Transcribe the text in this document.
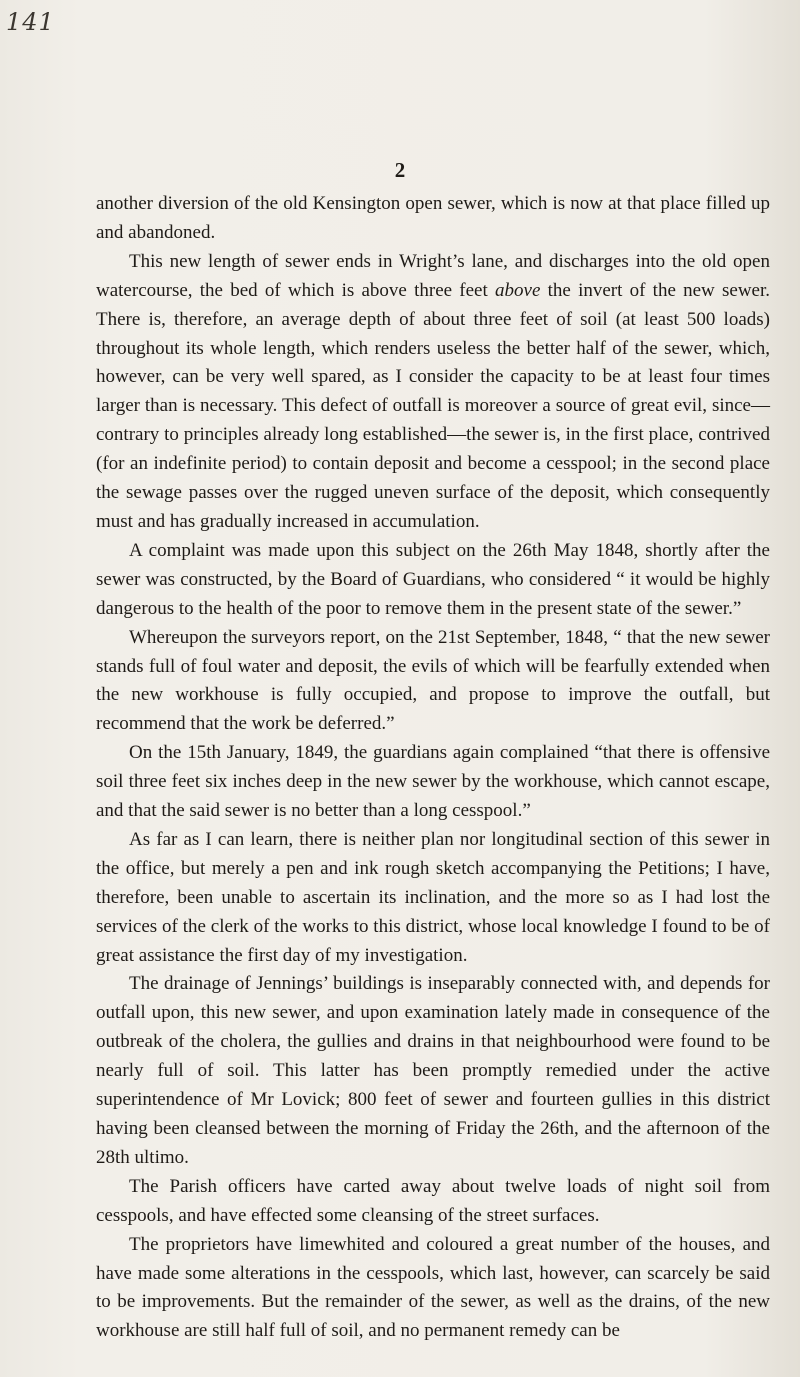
141
2

another diversion of the old Kensington open sewer, which is now at that place filled up and abandoned.

This new length of sewer ends in Wright’s lane, and discharges into the old open watercourse, the bed of which is above three feet above the invert of the new sewer. There is, therefore, an average depth of about three feet of soil (at least 500 loads) throughout its whole length, which renders useless the better half of the sewer, which, however, can be very well spared, as I consider the capacity to be at least four times larger than is necessary. This defect of outfall is moreover a source of great evil, since—contrary to principles already long established—the sewer is, in the first place, contrived (for an indefinite period) to contain deposit and become a cesspool; in the second place the sewage passes over the rugged uneven surface of the deposit, which consequently must and has gradually increased in accumulation.

A complaint was made upon this subject on the 26th May 1848, shortly after the sewer was constructed, by the Board of Guardians, who considered “ it would be highly dangerous to the health of the poor to remove them in the present state of the sewer.”

Whereupon the surveyors report, on the 21st September, 1848, “ that the new sewer stands full of foul water and deposit, the evils of which will be fearfully extended when the new workhouse is fully occupied, and propose to improve the outfall, but recommend that the work be deferred.”

On the 15th January, 1849, the guardians again complained “that there is offensive soil three feet six inches deep in the new sewer by the workhouse, which cannot escape, and that the said sewer is no better than a long cesspool.”

As far as I can learn, there is neither plan nor longitudinal section of this sewer in the office, but merely a pen and ink rough sketch accompanying the Petitions; I have, therefore, been unable to ascertain its inclination, and the more so as I had lost the services of the clerk of the works to this district, whose local knowledge I found to be of great assistance the first day of my investigation.

The drainage of Jennings’ buildings is inseparably connected with, and depends for outfall upon, this new sewer, and upon examination lately made in consequence of the outbreak of the cholera, the gullies and drains in that neighbourhood were found to be nearly full of soil. This latter has been promptly remedied under the active superintendence of Mr Lovick; 800 feet of sewer and fourteen gullies in this district having been cleansed between the morning of Friday the 26th, and the afternoon of the 28th ultimo.

The Parish officers have carted away about twelve loads of night soil from cesspools, and have effected some cleansing of the street surfaces.

The proprietors have limewhited and coloured a great number of the houses, and have made some alterations in the cesspools, which last, however, can scarcely be said to be improvements. But the remainder of the sewer, as well as the drains, of the new workhouse are still half full of soil, and no permanent remedy can be
